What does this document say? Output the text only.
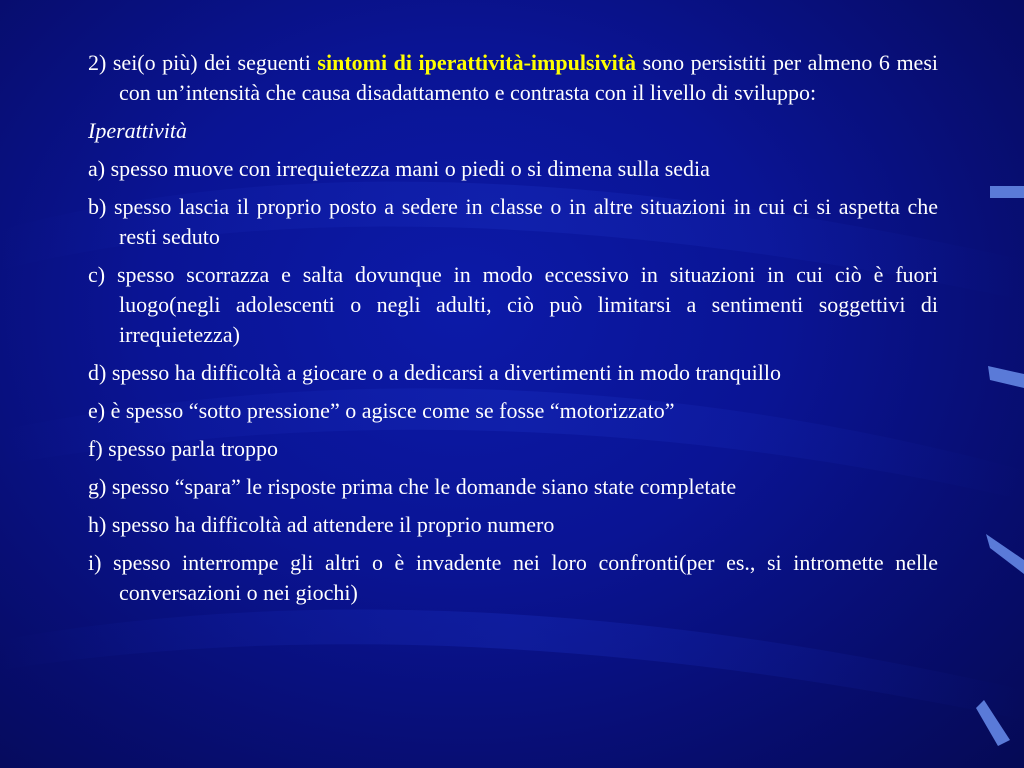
2) sei(o più) dei seguenti sintomi di iperattività-impulsività sono persistiti per almeno 6 mesi con un’intensità che causa disadattamento e contrasta con il livello di sviluppo:

Iperattività

a) spesso muove con irrequietezza mani o piedi o si dimena sulla sedia

b) spesso lascia il proprio posto a sedere in classe o in altre situazioni in cui ci si aspetta che resti seduto

c) spesso scorrazza e salta dovunque in modo eccessivo in situazioni in cui ciò è fuori luogo(negli adolescenti o negli adulti, ciò può limitarsi a sentimenti soggettivi di irrequietezza)

d) spesso ha difficoltà a giocare o a dedicarsi a divertimenti in modo tranquillo

e) è spesso “sotto pressione” o agisce come se fosse “motorizzato”

f) spesso parla troppo

g) spesso “spara” le risposte prima che le domande siano state completate

h) spesso ha difficoltà ad attendere il proprio numero

i) spesso interrompe gli altri o è invadente nei loro confronti(per es., si intromette nelle conversazioni o nei giochi)
